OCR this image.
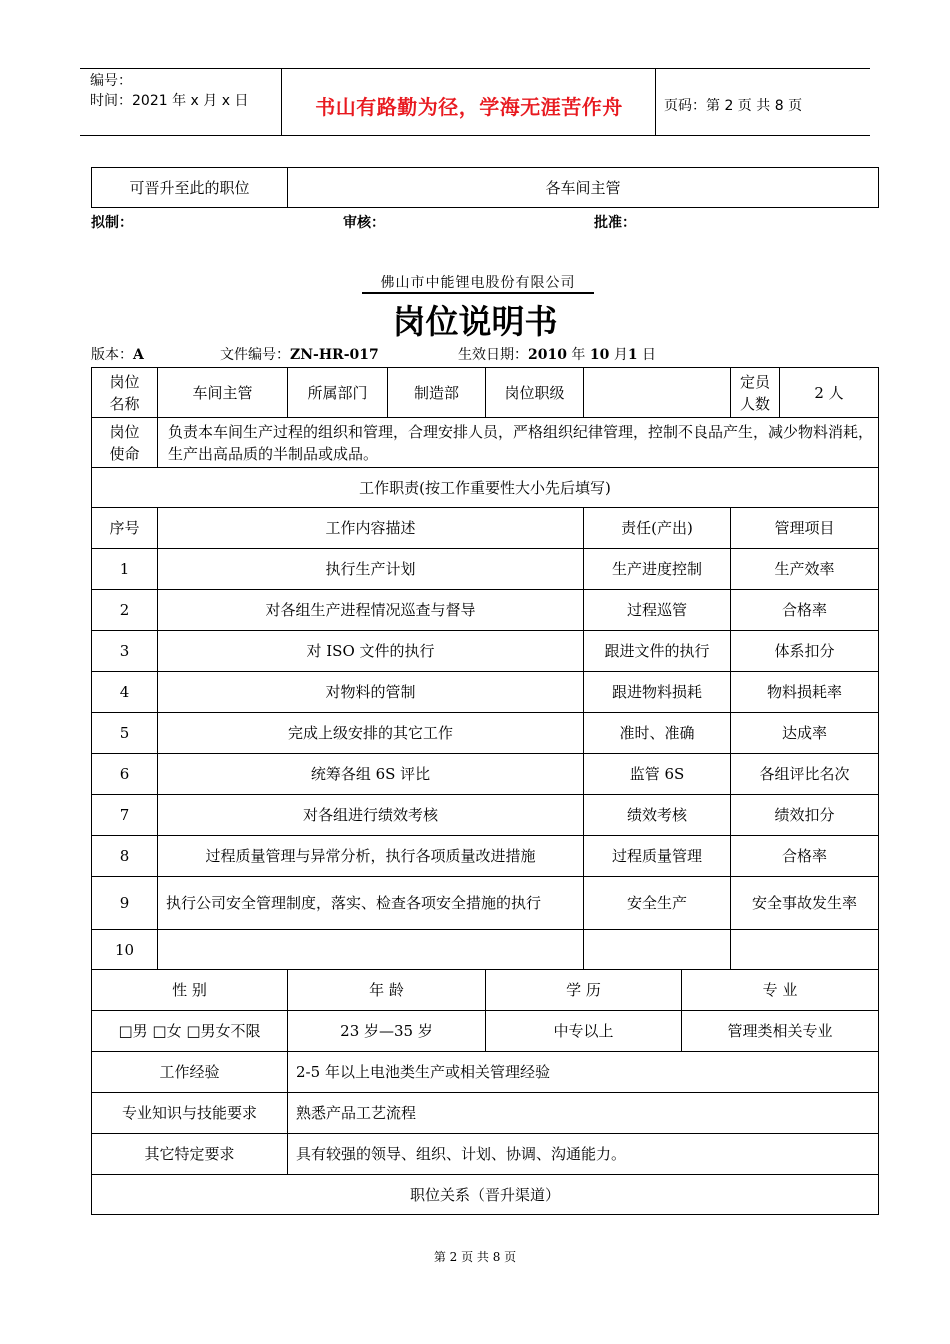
编号：
时间：2021 年 x 月 x 日	书山有路勤为径，学海无涯苦作舟	页码：第 2 页 共 8 页
可晋升至此的职位	各车间主管
拟制：	审核：	批准：
佛山市中能锂电股份有限公司
岗位说明书
版本：A	文件编号：ZN-HR-017	生效日期：2010 年 10 月1 日
岗位名称	车间主管	所属部门	制造部	岗位职级			定员人数	2 人
岗位使命	负责本车间生产过程的组织和管理，合理安排人员，严格组织纪律管理，控制不良品产生，减少物料消耗，生产出高品质的半制品或成品。							
工作职责(按工作重要性大小先后填写)								
序号	工作内容描述				责任(产出)		管理项目	
1	执行生产计划				生产进度控制		生产效率	
2	对各组生产进程情况巡查与督导				过程巡管		合格率	
3	对 ISO 文件的执行				跟进文件的执行		体系扣分	
4	对物料的管制				跟进物料损耗		物料损耗率	
5	完成上级安排的其它工作				准时、准确		达成率	
6	统筹各组 6S 评比				监管 6S		各组评比名次	
7	对各组进行绩效考核				绩效考核		绩效扣分	
8	过程质量管理与异常分析，执行各项质量改进措施				过程质量管理		合格率	
9	执行公司安全管理制度，落实、检查各项安全措施的执行				安全生产		安全事故发生率	
10								
性 别		年 龄		学 历		专 业		
□男 □女 □男女不限		23 岁—35 岁		中专以上		管理类相关专业		
工作经验		2-5 年以上电池类生产或相关管理经验						
专业知识与技能要求		熟悉产品工艺流程						
其它特定要求		具有较强的领导、组织、计划、协调、沟通能力。						
职位关系（晋升渠道）								
第 2 页 共 8 页
